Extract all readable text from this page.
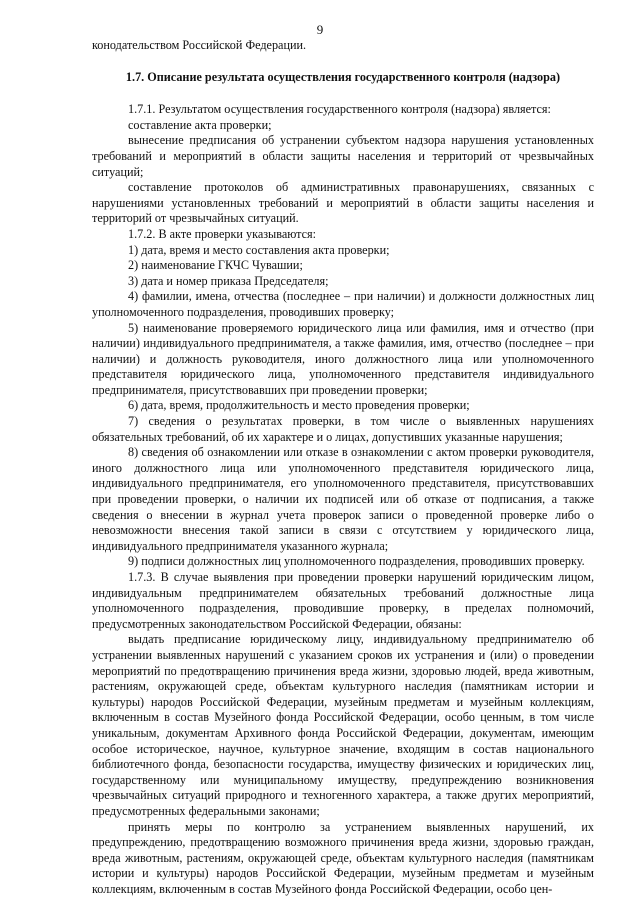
9

конодательством Российской Федерации.

1.7. Описание результата осуществления государственного контроля (надзора)

1.7.1. Результатом осуществления государственного контроля (надзора) является:

составление акта проверки;

вынесение предписания об устранении субъектом надзора нарушения установленных требований и мероприятий в области защиты населения и территорий от чрезвычайных ситуаций;

составление протоколов об административных правонарушениях, связанных с нарушениями установленных требований и мероприятий в области защиты населения и территорий от чрезвычайных ситуаций.

1.7.2. В акте проверки указываются:

1) дата, время и место составления акта проверки;

2) наименование ГКЧС Чувашии;

3) дата и номер приказа Председателя;

4) фамилии, имена, отчества (последнее – при наличии) и должности должностных лиц уполномоченного подразделения, проводивших проверку;

5) наименование проверяемого юридического лица или фамилия, имя и отчество (при наличии) индивидуального предпринимателя, а также фамилия, имя, отчество (последнее – при наличии) и должность руководителя, иного должностного лица или уполномоченного представителя юридического лица, уполномоченного представителя индивидуального предпринимателя, присутствовавших при проведении проверки;

6) дата, время, продолжительность и место проведения проверки;

7) сведения о результатах проверки, в том числе о выявленных нарушениях обязательных требований, об их характере и о лицах, допустивших указанные нарушения;

8) сведения об ознакомлении или отказе в ознакомлении с актом проверки руководителя, иного должностного лица или уполномоченного представителя юридического лица, индивидуального предпринимателя, его уполномоченного представителя, присутствовавших при проведении проверки, о наличии их подписей или об отказе от подписания, а также сведения о внесении в журнал учета проверок записи о проведенной проверке либо о невозможности внесения такой записи в связи с отсутствием у юридического лица, индивидуального предпринимателя указанного журнала;

9) подписи должностных лиц уполномоченного подразделения, проводивших проверку.

1.7.3. В случае выявления при проведении проверки нарушений юридическим лицом, индивидуальным предпринимателем обязательных требований должностные лица уполномоченного подразделения, проводившие проверку, в пределах полномочий, предусмотренных законодательством Российской Федерации, обязаны:

выдать предписание юридическому лицу, индивидуальному предпринимателю об устранении выявленных нарушений с указанием сроков их устранения и (или) о проведении мероприятий по предотвращению причинения вреда жизни, здоровью людей, вреда животным, растениям, окружающей среде, объектам культурного наследия (памятникам истории и культуры) народов Российской Федерации, музейным предметам и музейным коллекциям, включенным в состав Музейного фонда Российской Федерации, особо ценным, в том числе уникальным, документам Архивного фонда Российской Федерации, документам, имеющим особое историческое, научное, культурное значение, входящим в состав национального библиотечного фонда, безопасности государства, имуществу физических и юридических лиц, государственному или муниципальному имуществу, предупреждению возникновения чрезвычайных ситуаций природного и техногенного характера, а также других мероприятий, предусмотренных федеральными законами;

принять меры по контролю за устранением выявленных нарушений, их предупреждению, предотвращению возможного причинения вреда жизни, здоровью граждан, вреда животным, растениям, окружающей среде, объектам культурного наследия (памятникам истории и культуры) народов Российской Федерации, музейным предметам и музейным коллекциям, включенным в состав Музейного фонда Российской Федерации, особо цен-
